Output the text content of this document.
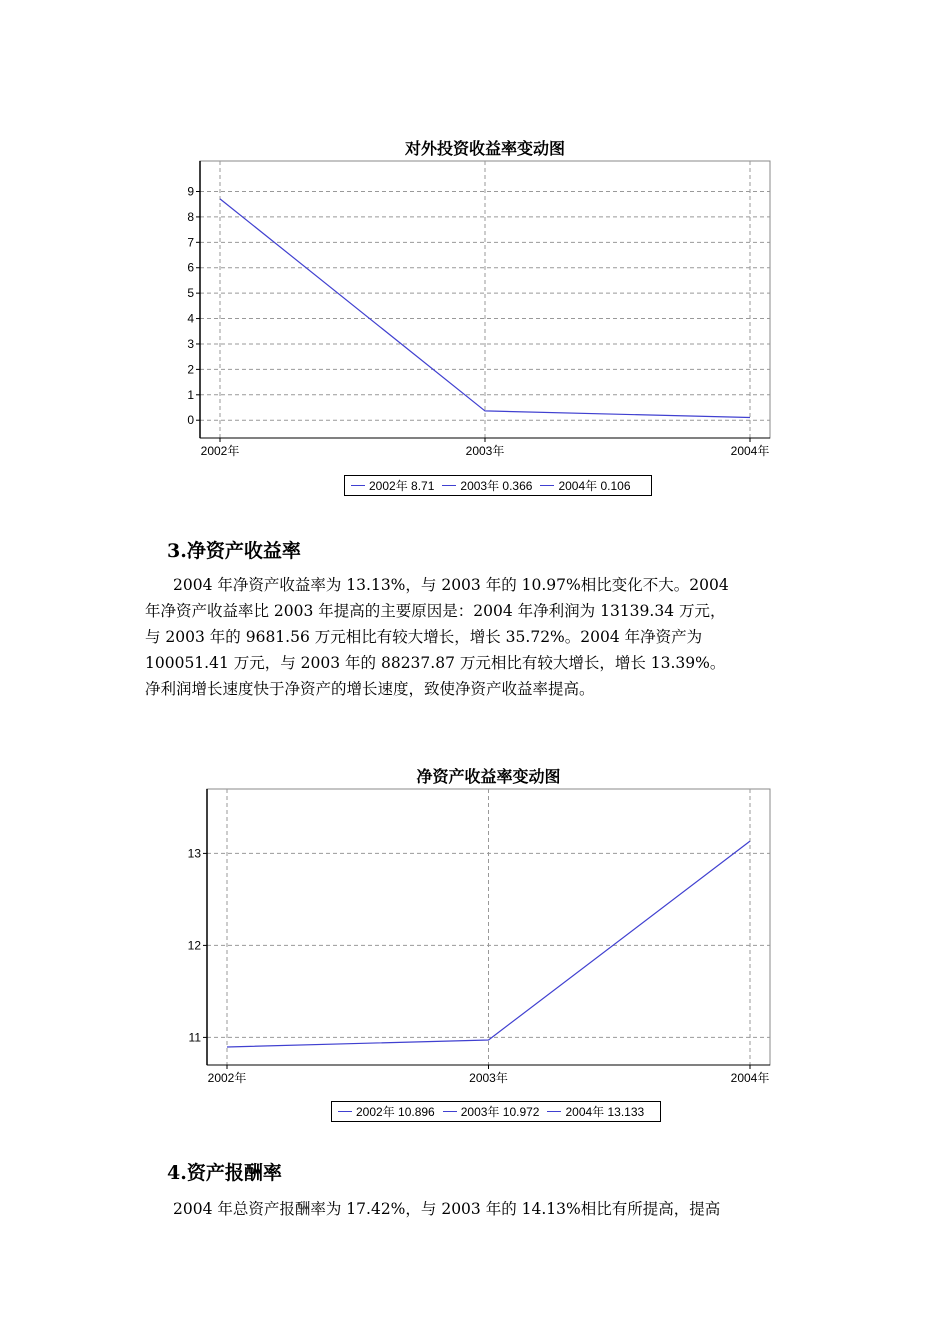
对外投资收益率变动图
0
1
2
3
4
5
6
7
8
9
2002年	2003年	2004年
2002年 8.71 2003年 0.366 2004年 0.106
3.净资产收益率
2004 年净资产收益率为 13.13%，与 2003 年的 10.97%相比变化不大。2004
年净资产收益率比 2003 年提高的主要原因是：2004 年净利润为 13139.34 万元，
与 2003 年的 9681.56 万元相比有较大增长，增长 35.72%。2004 年净资产为
100051.41 万元，与 2003 年的 88237.87 万元相比有较大增长，增长 13.39%。
净利润增长速度快于净资产的增长速度，致使净资产收益率提高。
净资产收益率变动图
11
12
13
2002年	2003年	2004年
2002年 10.896 2003年 10.972 2004年 13.133
4.资产报酬率
2004 年总资产报酬率为 17.42%，与 2003 年的 14.13%相比有所提高，提高
